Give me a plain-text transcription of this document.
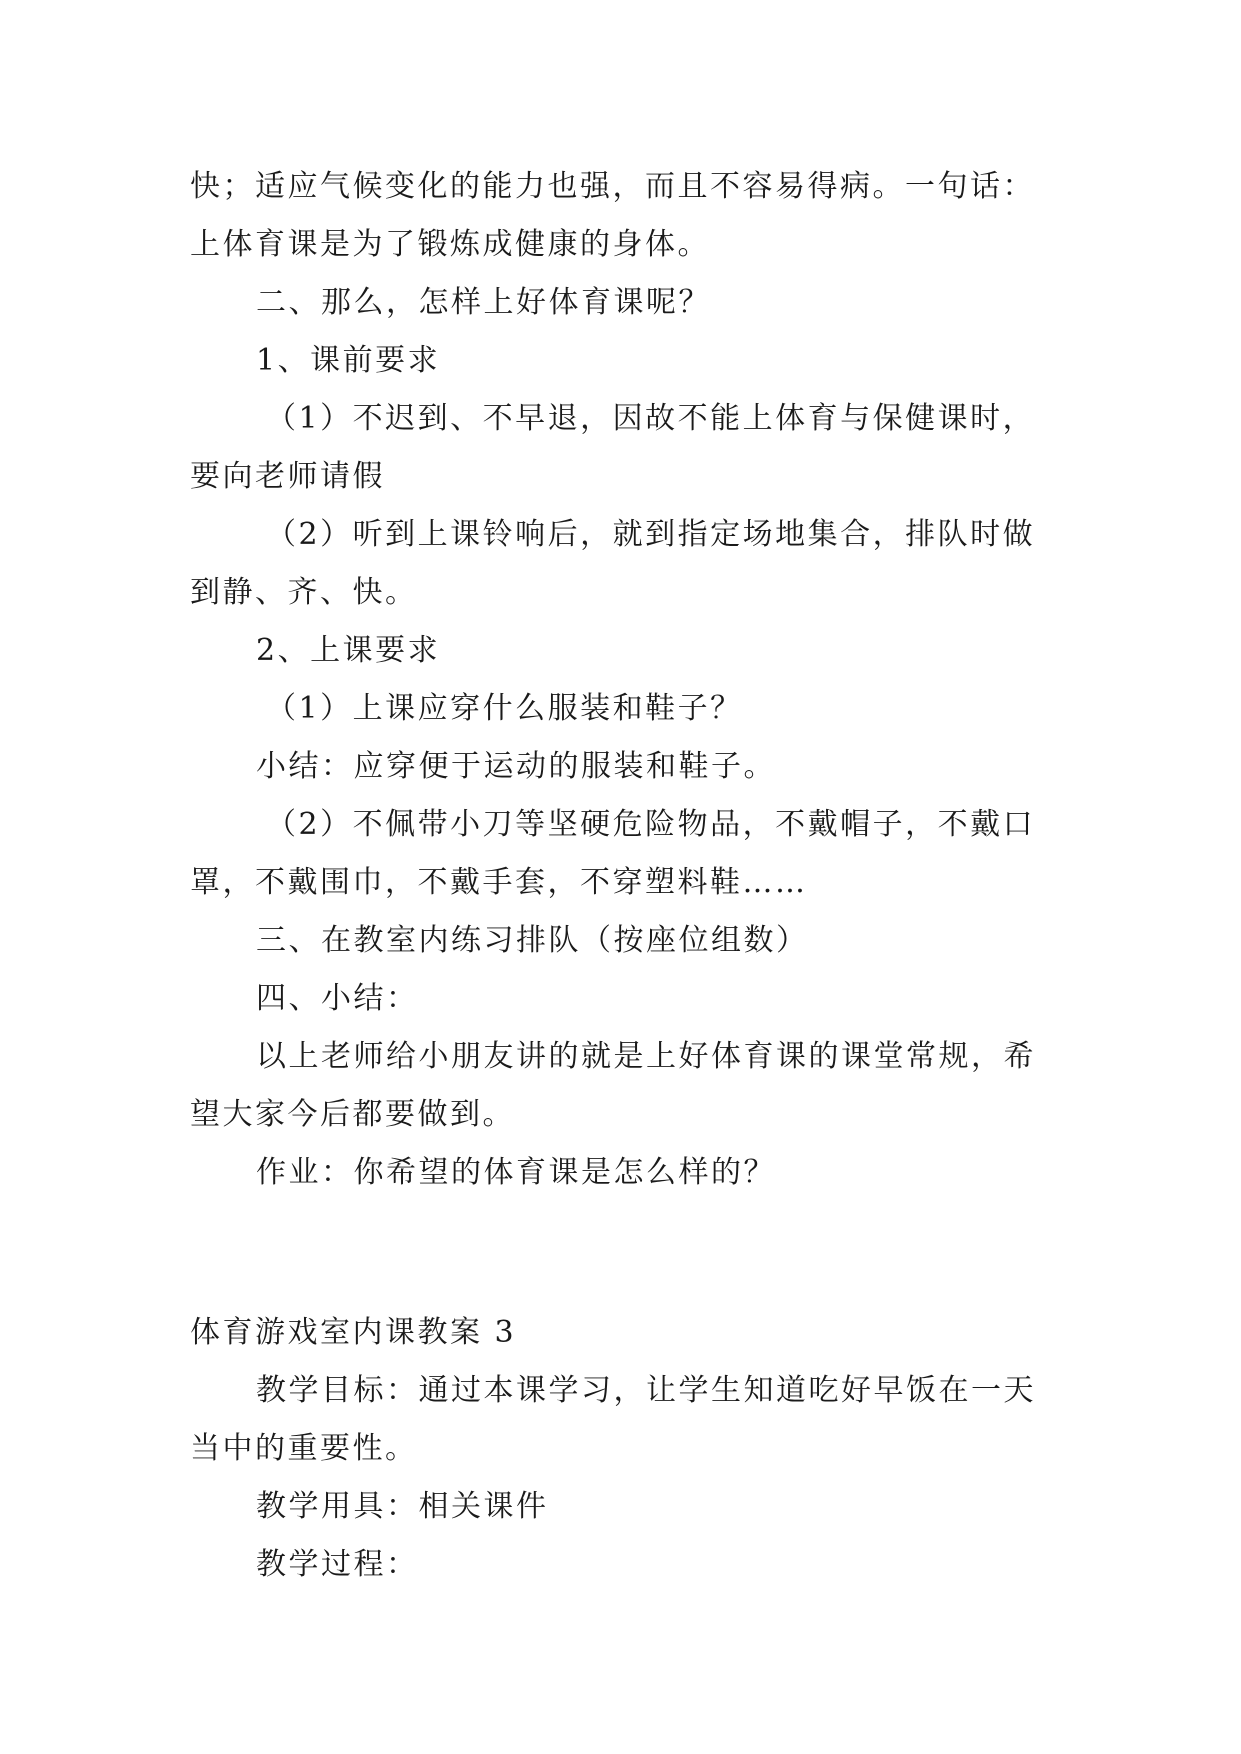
快；适应气候变化的能力也强，而且不容易得病。一句话：
上体育课是为了锻炼成健康的身体。
二、那么，怎样上好体育课呢？
1、课前要求
（1）不迟到、不早退，因故不能上体育与保健课时，
要向老师请假
（2）听到上课铃响后，就到指定场地集合，排队时做
到静、齐、快。
2、上课要求
（1）上课应穿什么服装和鞋子？
小结：应穿便于运动的服装和鞋子。
（2）不佩带小刀等坚硬危险物品，不戴帽子，不戴口
罩，不戴围巾，不戴手套，不穿塑料鞋……
三、在教室内练习排队（按座位组数）
四、小结：
以上老师给小朋友讲的就是上好体育课的课堂常规，希
望大家今后都要做到。
作业：你希望的体育课是怎么样的？
体育游戏室内课教案 3
教学目标：通过本课学习，让学生知道吃好早饭在一天
当中的重要性。
教学用具：相关课件
教学过程：
